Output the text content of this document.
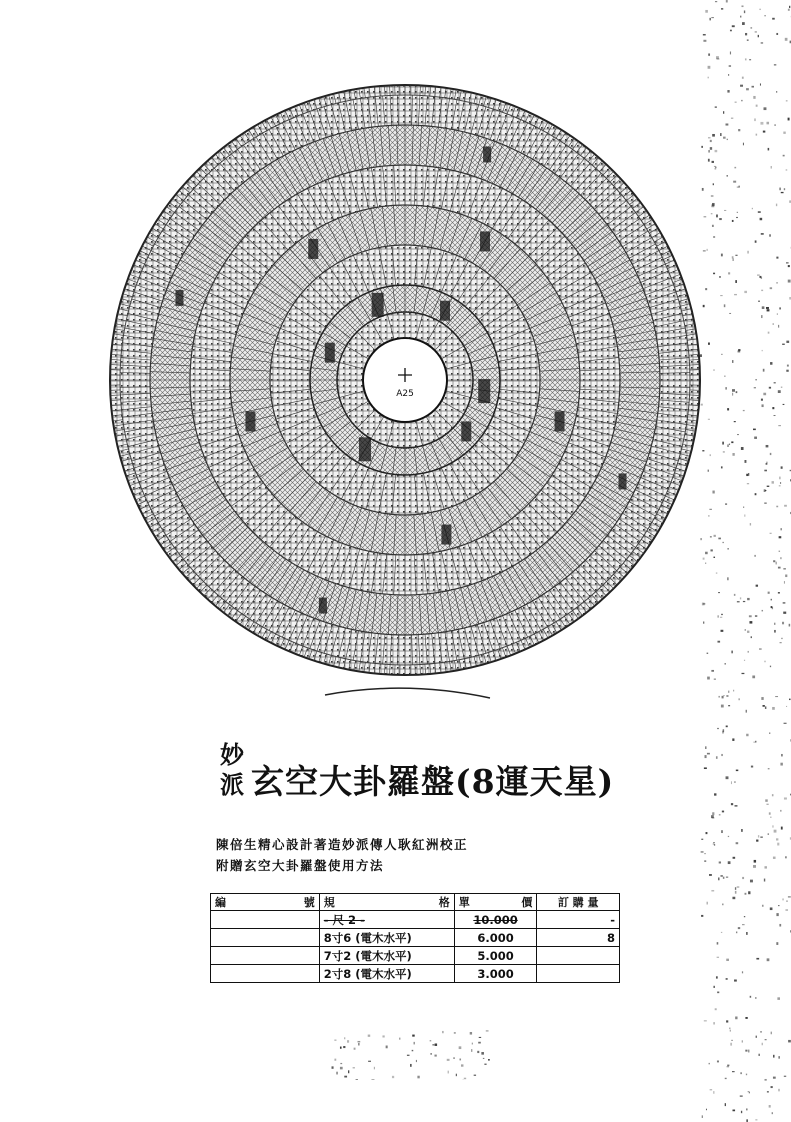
A25
妙
派 玄空大卦羅盤(8運天星)
陳倍生精心設計著造妙派傳人耿紅洲校正
附贈玄空大卦羅盤使用方法
編 號	規 格	單 價	訂 購 量
	- 尺 2 -	10.000	-
	8寸6 (電木水平)	6.000	8
	7寸2 (電木水平)	5.000	
	2寸8 (電木水平)	3.000	
